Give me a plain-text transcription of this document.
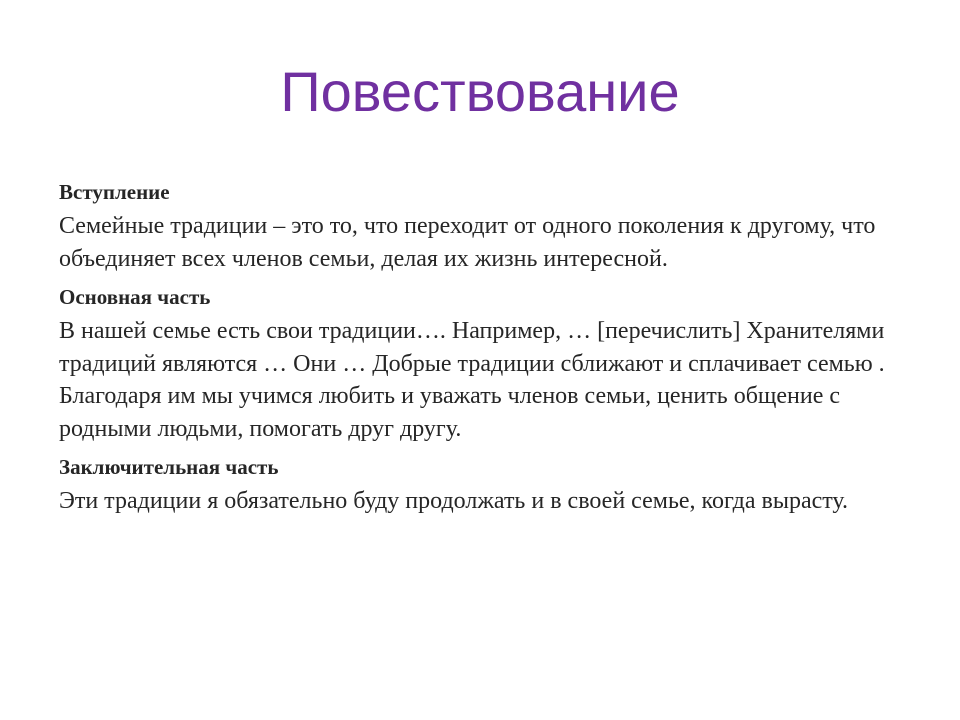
Повествование

Вступление

Семейные традиции – это то, что переходит от одного поколения к другому, что объединяет всех членов семьи, делая их жизнь интересной.

Основная часть

В нашей семье есть свои традиции…. Например, … [перечислить] Хранителями традиций являются … Они … Добрые традиции сближают и сплачивает семью . Благодаря им мы учимся любить и уважать членов семьи, ценить общение с родными людьми, помогать друг другу.

Заключительная часть

Эти традиции я обязательно буду продолжать и в своей семье, когда вырасту.
